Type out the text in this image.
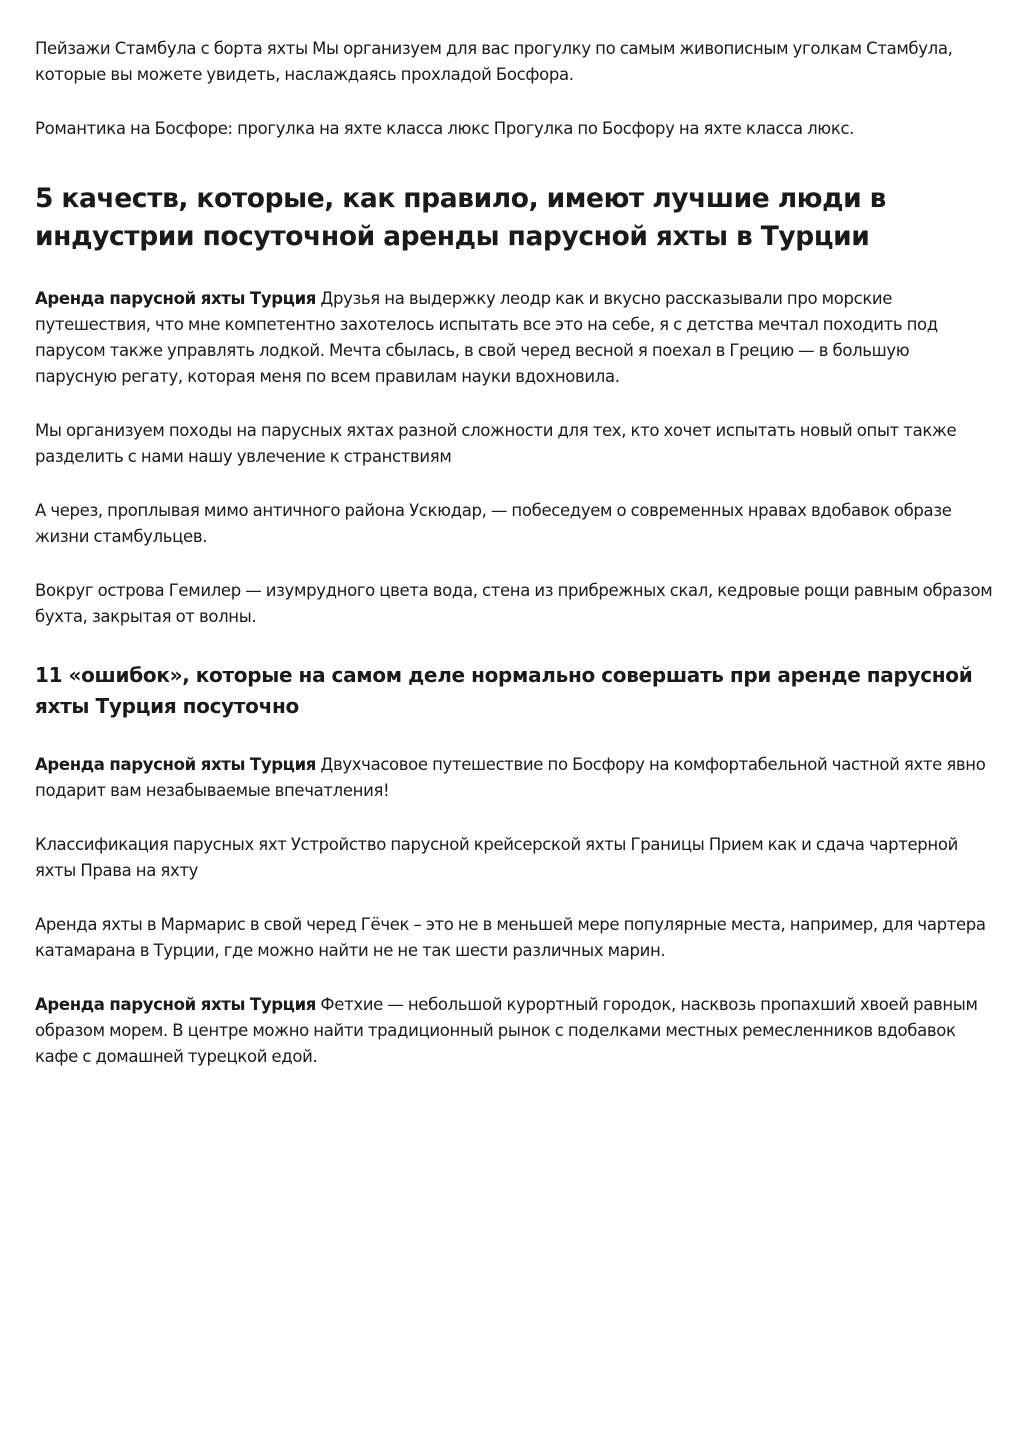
Пейзажи Стамбула с борта яхты Мы организуем для вас прогулку по самым живописным уголкам Стамбула, которые вы можете увидеть, наслаждаясь прохладой Босфора.

Романтика на Босфоре: прогулка на яхте класса люкс Прогулка по Босфору на яхте класса люкс.

5 качеств, которые, как правило, имеют лучшие люди в индустрии посуточной аренды парусной яхты в Турции

Аренда парусной яхты Турция Друзья на выдержку леодр как и вкусно рассказывали про морские путешествия, что мне компетентно захотелось испытать все это на себе, я с детства мечтал походить под парусом также управлять лодкой. Мечта сбылась, в свой черед весной я поехал в Грецию — в большую парусную регату, которая меня по всем правилам науки вдохновила.

Мы организуем походы на парусных яхтах разной сложности для тех, кто хочет испытать новый опыт также разделить с нами нашу увлечение к странствиям

А через, проплывая мимо античного района Ускюдар, — побеседуем о современных нравах вдобавок образе жизни стамбульцев.

Вокруг острова Гемилер — изумрудного цвета вода, стена из прибрежных скал, кедровые рощи равным образом бухта, закрытая от волны.

11 «ошибок», которые на самом деле нормально совершать при аренде парусной яхты Турция посуточно

Аренда парусной яхты Турция Двухчасовое путешествие по Босфору на комфортабельной частной яхте явно подарит вам незабываемые впечатления!

Классификация парусных яхт Устройство парусной крейсерской яхты Границы Прием как и сдача чартерной яхты Права на яхту

Аренда яхты в Мармарис в свой черед Гёчек – это не в меньшей мере популярные места, например, для чартера катамарана в Турции, где можно найти не не так шести различных марин.

Аренда парусной яхты Турция Фетхие — небольшой курортный городок, насквозь пропахший хвоей равным образом морем. В центре можно найти традиционный рынок с поделками местных ремесленников вдобавок кафе с домашней турецкой едой.
